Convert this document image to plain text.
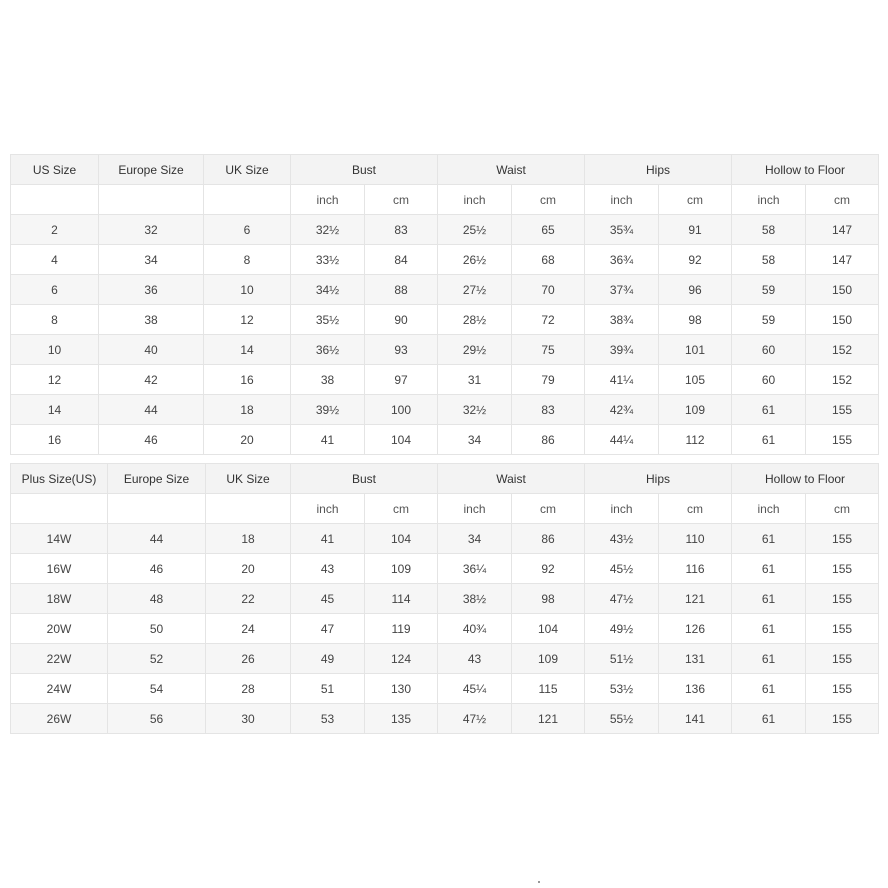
US Size	Europe Size	UK Size	Bust		Waist		Hips		Hollow to Floor	
			inch	cm	inch	cm	inch	cm	inch	cm
2	32	6	32½	83	25½	65	35¾	91	58	147
4	34	8	33½	84	26½	68	36¾	92	58	147
6	36	10	34½	88	27½	70	37¾	96	59	150
8	38	12	35½	90	28½	72	38¾	98	59	150
10	40	14	36½	93	29½	75	39¾	101	60	152
12	42	16	38	97	31	79	41¼	105	60	152
14	44	18	39½	100	32½	83	42¾	109	61	155
16	46	20	41	104	34	86	44¼	112	61	155
Plus Size(US)	Europe Size	UK Size	Bust		Waist		Hips		Hollow to Floor	
			inch	cm	inch	cm	inch	cm	inch	cm
14W	44	18	41	104	34	86	43½	110	61	155
16W	46	20	43	109	36¼	92	45½	116	61	155
18W	48	22	45	114	38½	98	47½	121	61	155
20W	50	24	47	119	40¾	104	49½	126	61	155
22W	52	26	49	124	43	109	51½	131	61	155
24W	54	28	51	130	45¼	115	53½	136	61	155
26W	56	30	53	135	47½	121	55½	141	61	155
